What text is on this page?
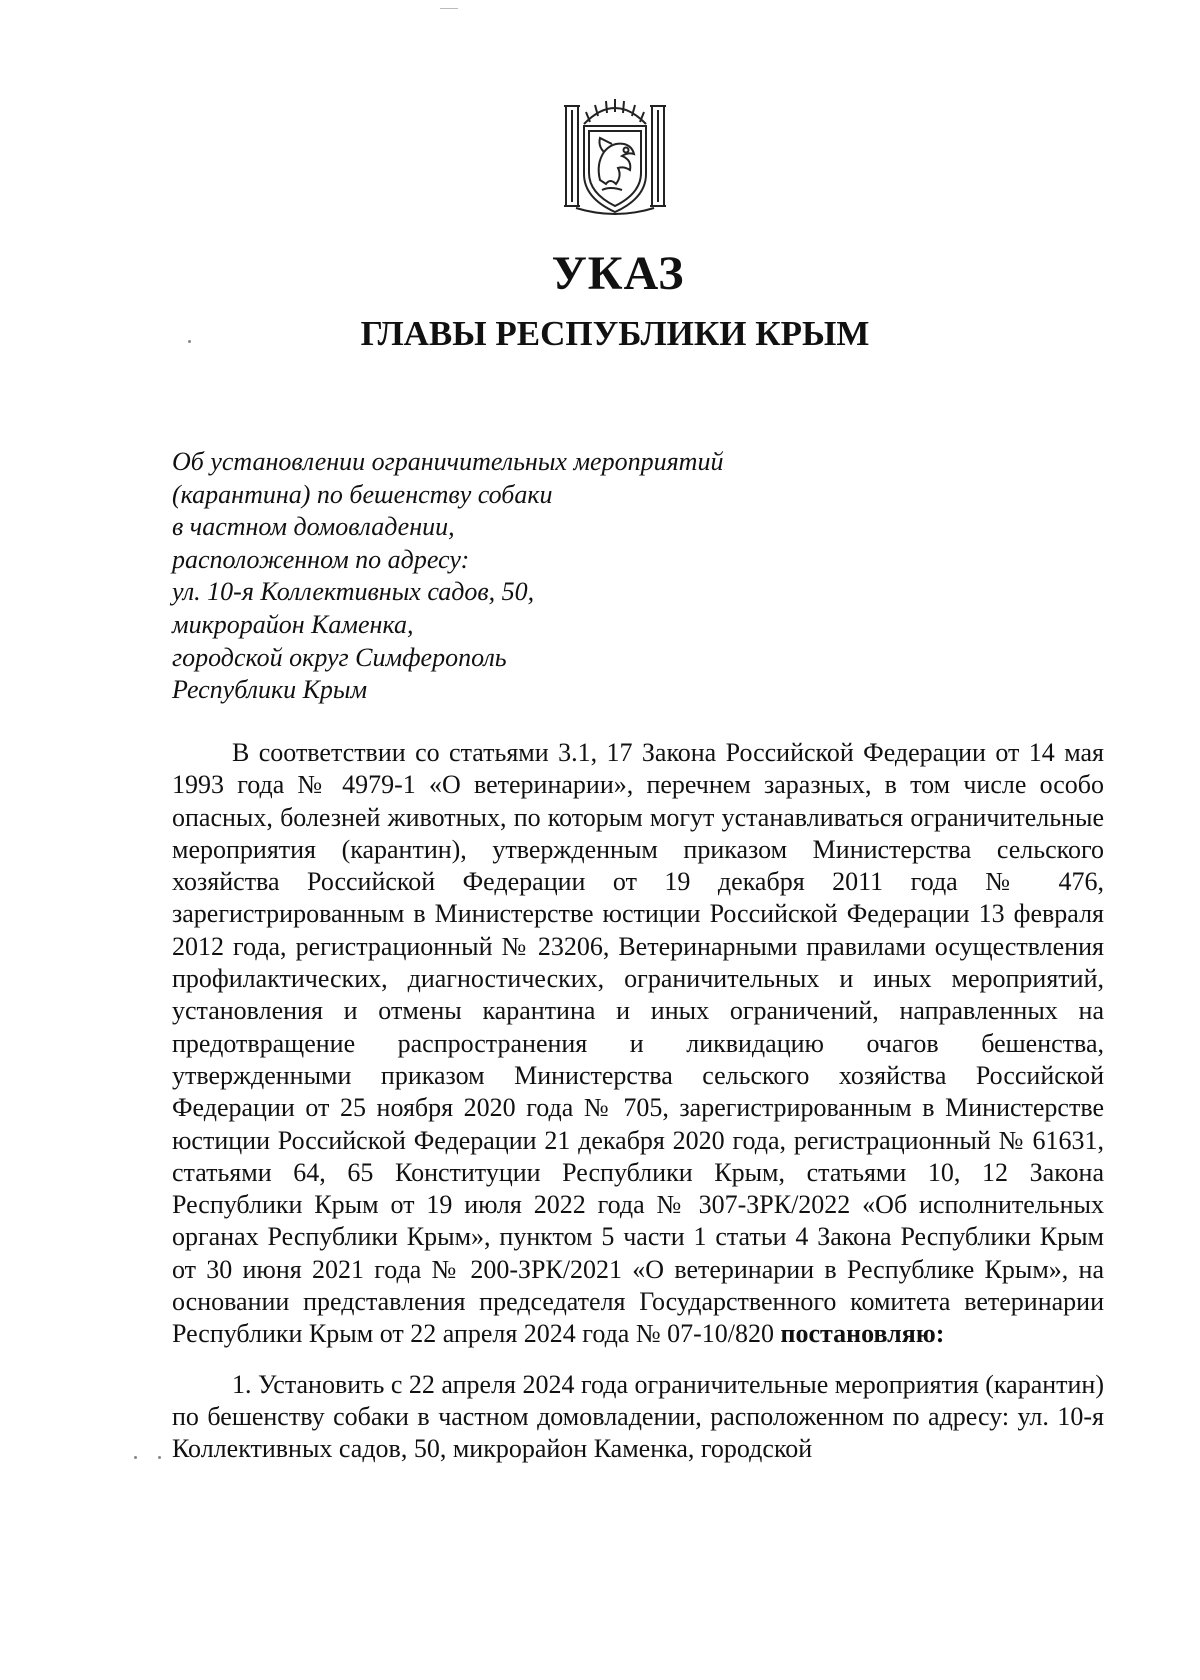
УКАЗ
ГЛАВЫ РЕСПУБЛИКИ КРЫМ
Об установлении ограничительных мероприятий
(карантина) по бешенству собаки
в частном домовладении,
расположенном по адресу:
ул. 10-я Коллективных садов, 50,
микрорайон Каменка,
городской округ Симферополь
Республики Крым

В соответствии со статьями 3.1, 17 Закона Российской Федерации от 14 мая 1993 года № 4979-1 «О ветеринарии», перечнем заразных, в том числе особо опасных, болезней животных, по которым могут устанавливаться ограничительные мероприятия (карантин), утвержденным приказом Министерства сельского хозяйства Российской Федерации от 19 декабря 2011 года № 476, зарегистрированным в Министерстве юстиции Российской Федерации 13 февраля 2012 года, регистрационный № 23206, Ветеринарными правилами осуществления профилактических, диагностических, ограничительных и иных мероприятий, установления и отмены карантина и иных ограничений, направленных на предотвращение распространения и ликвидацию очагов бешенства, утвержденными приказом Министерства сельского хозяйства Российской Федерации от 25 ноября 2020 года № 705, зарегистрированным в Министерстве юстиции Российской Федерации 21 декабря 2020 года, регистрационный № 61631, статьями 64, 65 Конституции Республики Крым, статьями 10, 12 Закона Республики Крым от 19 июля 2022 года № 307-ЗРК/2022 «Об исполнительных органах Республики Крым», пунктом 5 части 1 статьи 4 Закона Республики Крым от 30 июня 2021 года № 200-ЗРК/2021 «О ветеринарии в Республике Крым», на основании представления председателя Государственного комитета ветеринарии Республики Крым от 22 апреля 2024 года № 07-10/820 постановляю:

1. Установить с 22 апреля 2024 года ограничительные мероприятия (карантин) по бешенству собаки в частном домовладении, расположенном по адресу: ул. 10-я Коллективных садов, 50, микрорайон Каменка, городской
